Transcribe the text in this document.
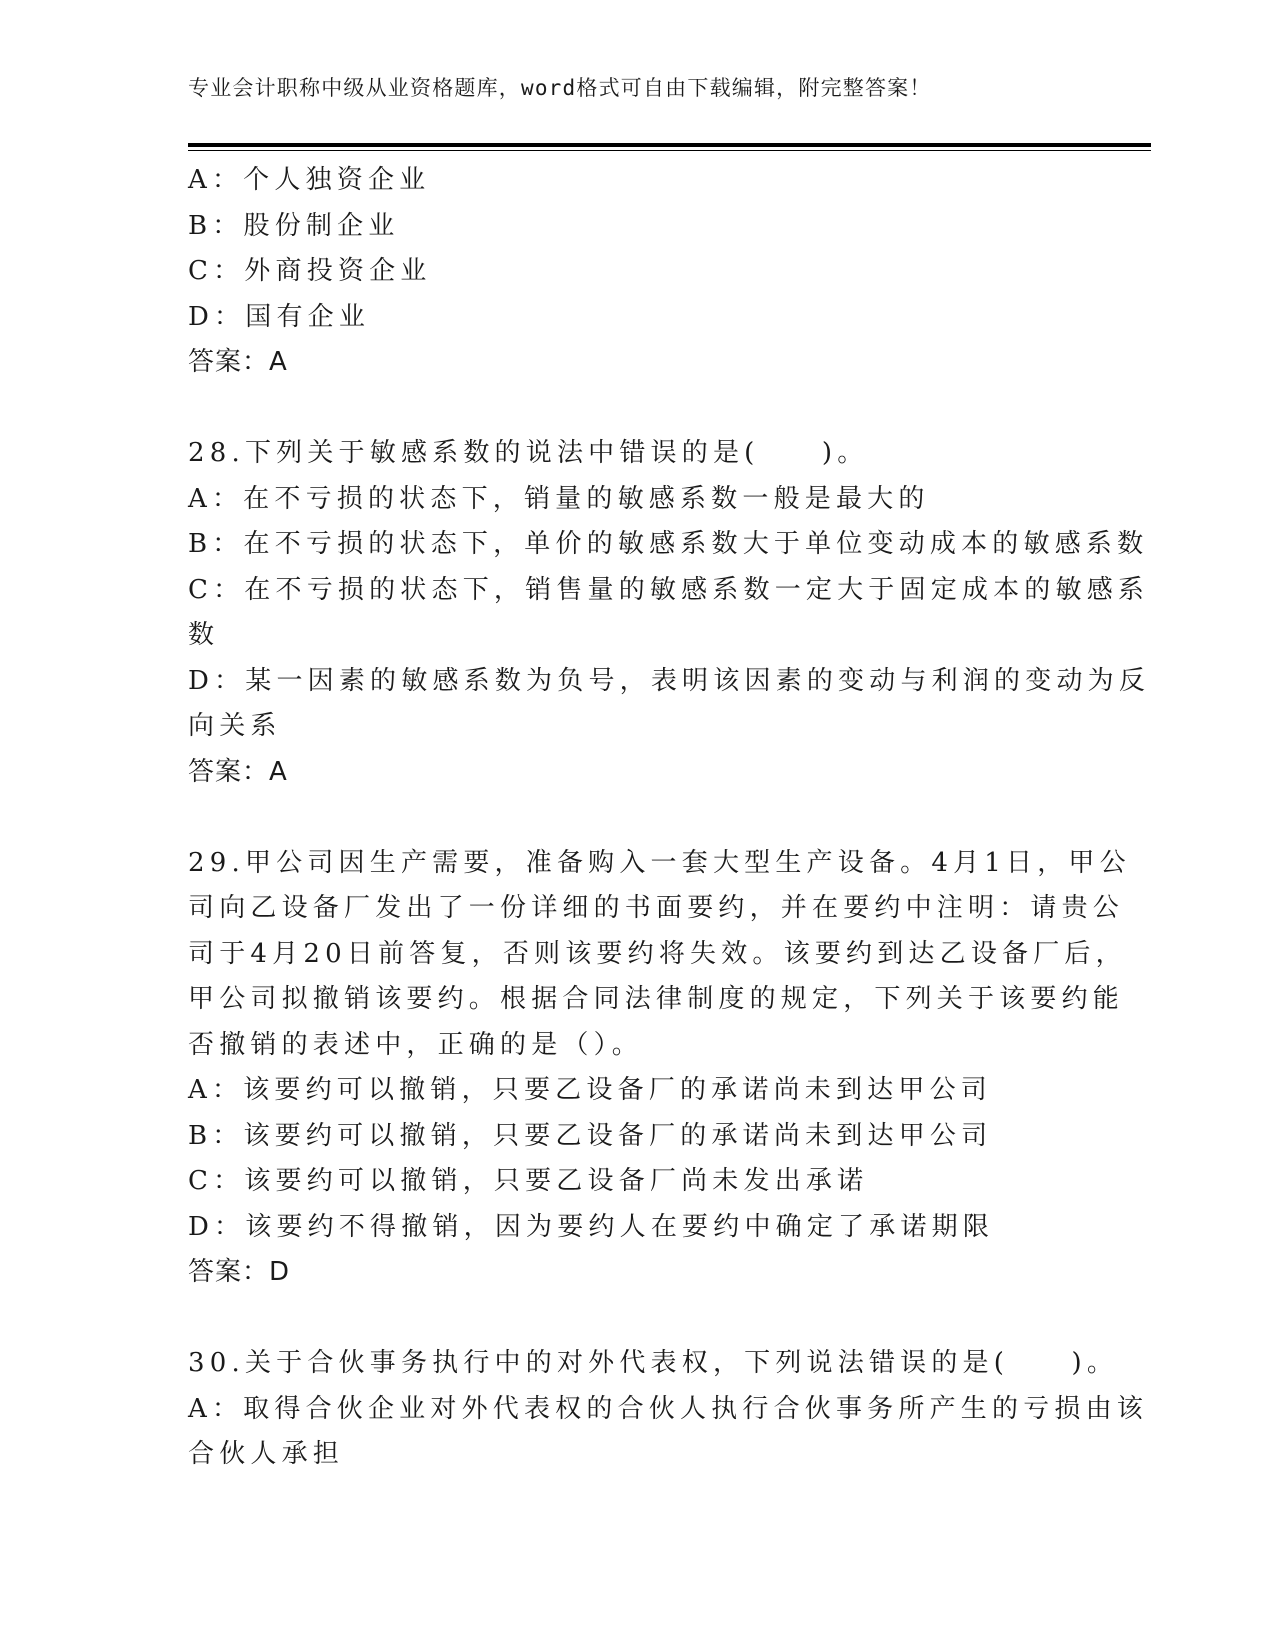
专业会计职称中级从业资格题库，word格式可自由下载编辑，附完整答案！
A：个人独资企业
B：股份制企业
C：外商投资企业
D：国有企业
答案：A
28.下列关于敏感系数的说法中错误的是(　　)。
A：在不亏损的状态下，销量的敏感系数一般是最大的
B：在不亏损的状态下，单价的敏感系数大于单位变动成本的敏感系数
C：在不亏损的状态下，销售量的敏感系数一定大于固定成本的敏感系
数
D：某一因素的敏感系数为负号，表明该因素的变动与利润的变动为反
向关系
答案：A
29.甲公司因生产需要，准备购入一套大型生产设备。4月1日，甲公
司向乙设备厂发出了一份详细的书面要约，并在要约中注明：请贵公
司于4月20日前答复，否则该要约将失效。该要约到达乙设备厂后，
甲公司拟撤销该要约。根据合同法律制度的规定，下列关于该要约能
否撤销的表述中，正确的是（）。
A：该要约可以撤销，只要乙设备厂的承诺尚未到达甲公司
B：该要约可以撤销，只要乙设备厂的承诺尚未到达甲公司
C：该要约可以撤销，只要乙设备厂尚未发出承诺
D：该要约不得撤销，因为要约人在要约中确定了承诺期限
答案：D
30.关于合伙事务执行中的对外代表权，下列说法错误的是(　　)。
A：取得合伙企业对外代表权的合伙人执行合伙事务所产生的亏损由该
合伙人承担
